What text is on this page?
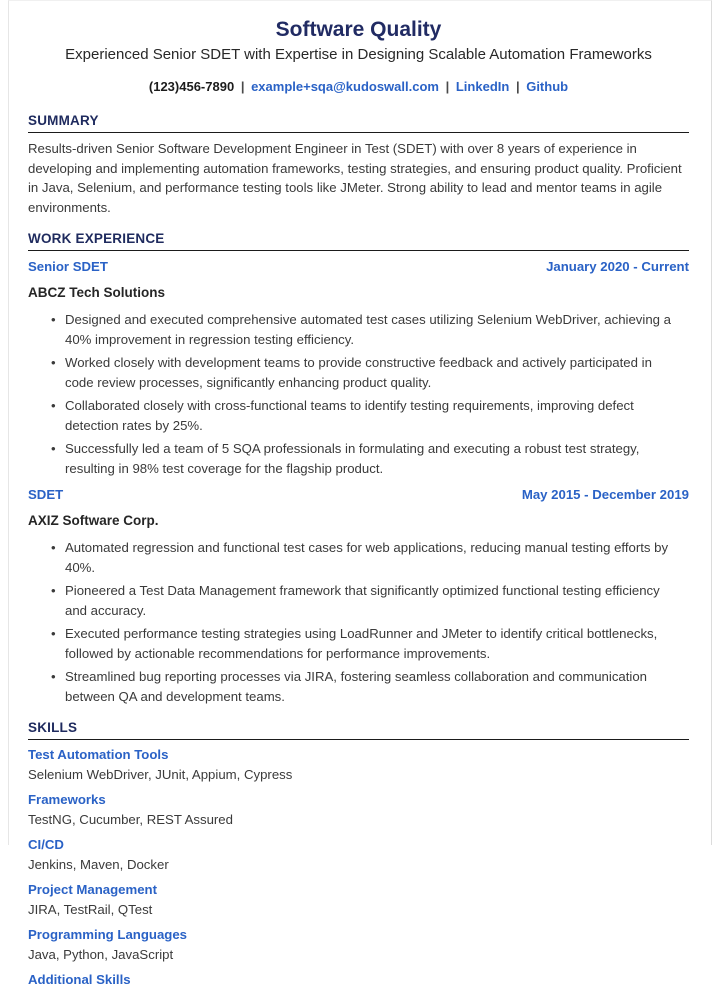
Software Quality
Experienced Senior SDET with Expertise in Designing Scalable Automation Frameworks
(123)456-7890 | example+sqa@kudoswall.com | LinkedIn | Github
SUMMARY

Results-driven Senior Software Development Engineer in Test (SDET) with over 8 years of experience in developing and implementing automation frameworks, testing strategies, and ensuring product quality. Proficient in Java, Selenium, and performance testing tools like JMeter. Strong ability to lead and mentor teams in agile environments.

WORK EXPERIENCE
Senior SDET	January 2020 - Current
ABCZ Tech Solutions
• Designed and executed comprehensive automated test cases utilizing Selenium WebDriver, achieving a 40% improvement in regression testing efficiency.
• Worked closely with development teams to provide constructive feedback and actively participated in code review processes, significantly enhancing product quality.
• Collaborated closely with cross-functional teams to identify testing requirements, improving defect detection rates by 25%.
• Successfully led a team of 5 SQA professionals in formulating and executing a robust test strategy, resulting in 98% test coverage for the flagship product.
SDET	May 2015 - December 2019
AXIZ Software Corp.
• Automated regression and functional test cases for web applications, reducing manual testing efforts by 40%.
• Pioneered a Test Data Management framework that significantly optimized functional testing efficiency and accuracy.
• Executed performance testing strategies using LoadRunner and JMeter to identify critical bottlenecks, followed by actionable recommendations for performance improvements.
• Streamlined bug reporting processes via JIRA, fostering seamless collaboration and communication between QA and development teams.
SKILLS
Test Automation Tools
Selenium WebDriver, JUnit, Appium, Cypress
Frameworks
TestNG, Cucumber, REST Assured
CI/CD
Jenkins, Maven, Docker
Project Management
JIRA, TestRail, QTest
Programming Languages
Java, Python, JavaScript
Additional Skills
